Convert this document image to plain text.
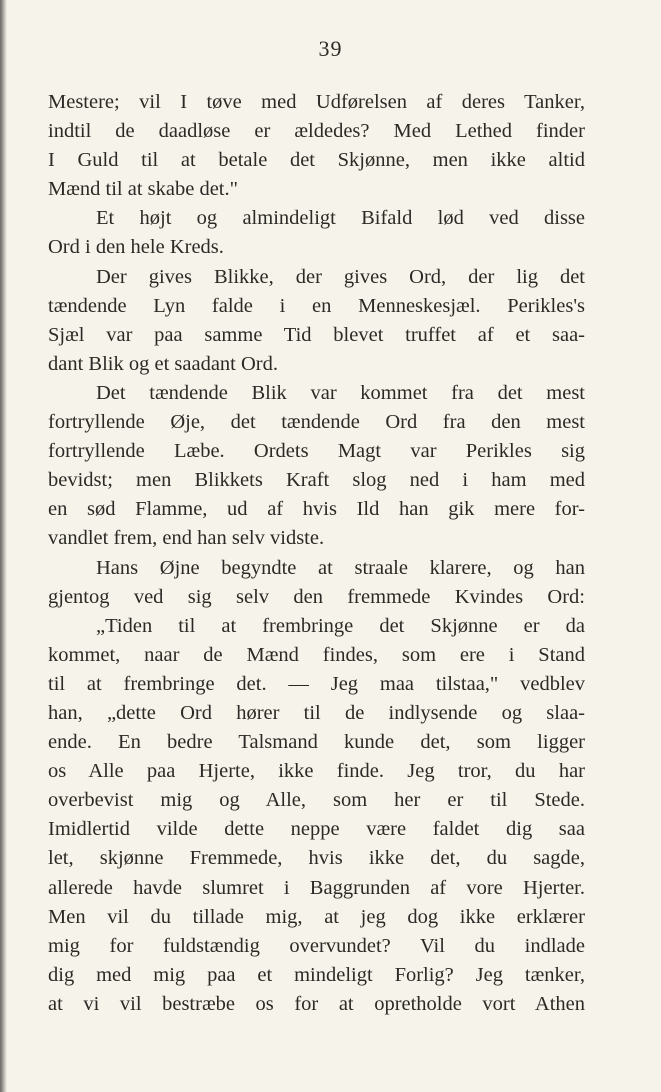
39
Mestere; vil I tøve med Udførelsen af deres Tanker,
indtil de daadløse er ældedes? Med Lethed finder
I Guld til at betale det Skjønne, men ikke altid
Mænd til at skabe det."
Et højt og almindeligt Bifald lød ved disse
Ord i den hele Kreds.
Der gives Blikke, der gives Ord, der lig det
tændende Lyn falde i en Menneskesjæl. Perikles's
Sjæl var paa samme Tid blevet truffet af et saa-
dant Blik og et saadant Ord.
Det tændende Blik var kommet fra det mest
fortryllende Øje, det tændende Ord fra den mest
fortryllende Læbe. Ordets Magt var Perikles sig
bevidst; men Blikkets Kraft slog ned i ham med
en sød Flamme, ud af hvis Ild han gik mere for-
vandlet frem, end han selv vidste.
Hans Øjne begyndte at straale klarere, og han
gjentog ved sig selv den fremmede Kvindes Ord:
„Tiden til at frembringe det Skjønne er da
kommet, naar de Mænd findes, som ere i Stand
til at frembringe det. — Jeg maa tilstaa," vedblev
han, „dette Ord hører til de indlysende og slaa-
ende. En bedre Talsmand kunde det, som ligger
os Alle paa Hjerte, ikke finde. Jeg tror, du har
overbevist mig og Alle, som her er til Stede.
Imidlertid vilde dette neppe være faldet dig saa
let, skjønne Fremmede, hvis ikke det, du sagde,
allerede havde slumret i Baggrunden af vore Hjerter.
Men vil du tillade mig, at jeg dog ikke erklærer
mig for fuldstændig overvundet? Vil du indlade
dig med mig paa et mindeligt Forlig? Jeg tænker,
at vi vil bestræbe os for at opretholde vort Athen
